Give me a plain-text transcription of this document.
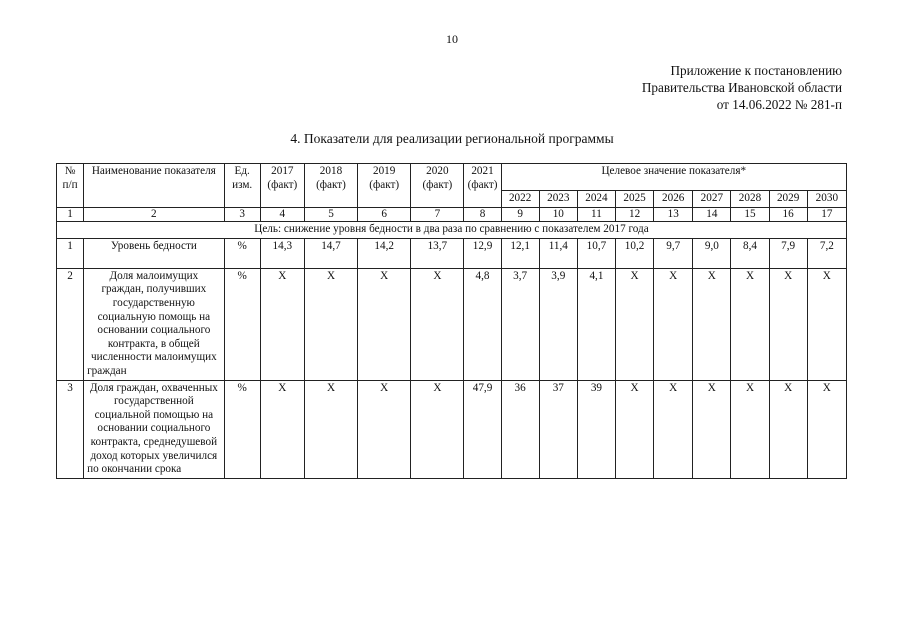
10
Приложение к постановлению
Правительства Ивановской области
от 14.06.2022 № 281-п
4. Показатели для реализации региональной программы
№ п/п	Наименование показателя	Ед. изм.	2017 (факт)	2018 (факт)	2019 (факт)	2020 (факт)	2021 (факт)	Целевое значение показателя*								
								2022	2023	2024	2025	2026	2027	2028	2029	2030
1	2	3	4	5	6	7	8	9	10	11	12	13	14	15	16	17
Цель: снижение уровня бедности в два раза по сравнению с показателем 2017 года																
1	Уровень бедности	%	14,3	14,7	14,2	13,7	12,9	12,1	11,4	10,7	10,2	9,7	9,0	8,4	7,9	7,2
2	Доля малоимущих граждан, получивших государственную социальную помощь на основании социального контракта, в общей численности малоимущих граждан	%	X	X	X	X	4,8	3,7	3,9	4,1	X	X	X	X	X	X
3	Доля граждан, охваченных государственной социальной помощью на основании социального контракта, среднедушевой доход которых увеличился по окончании срока	%	X	X	X	X	47,9	36	37	39	X	X	X	X	X	X
